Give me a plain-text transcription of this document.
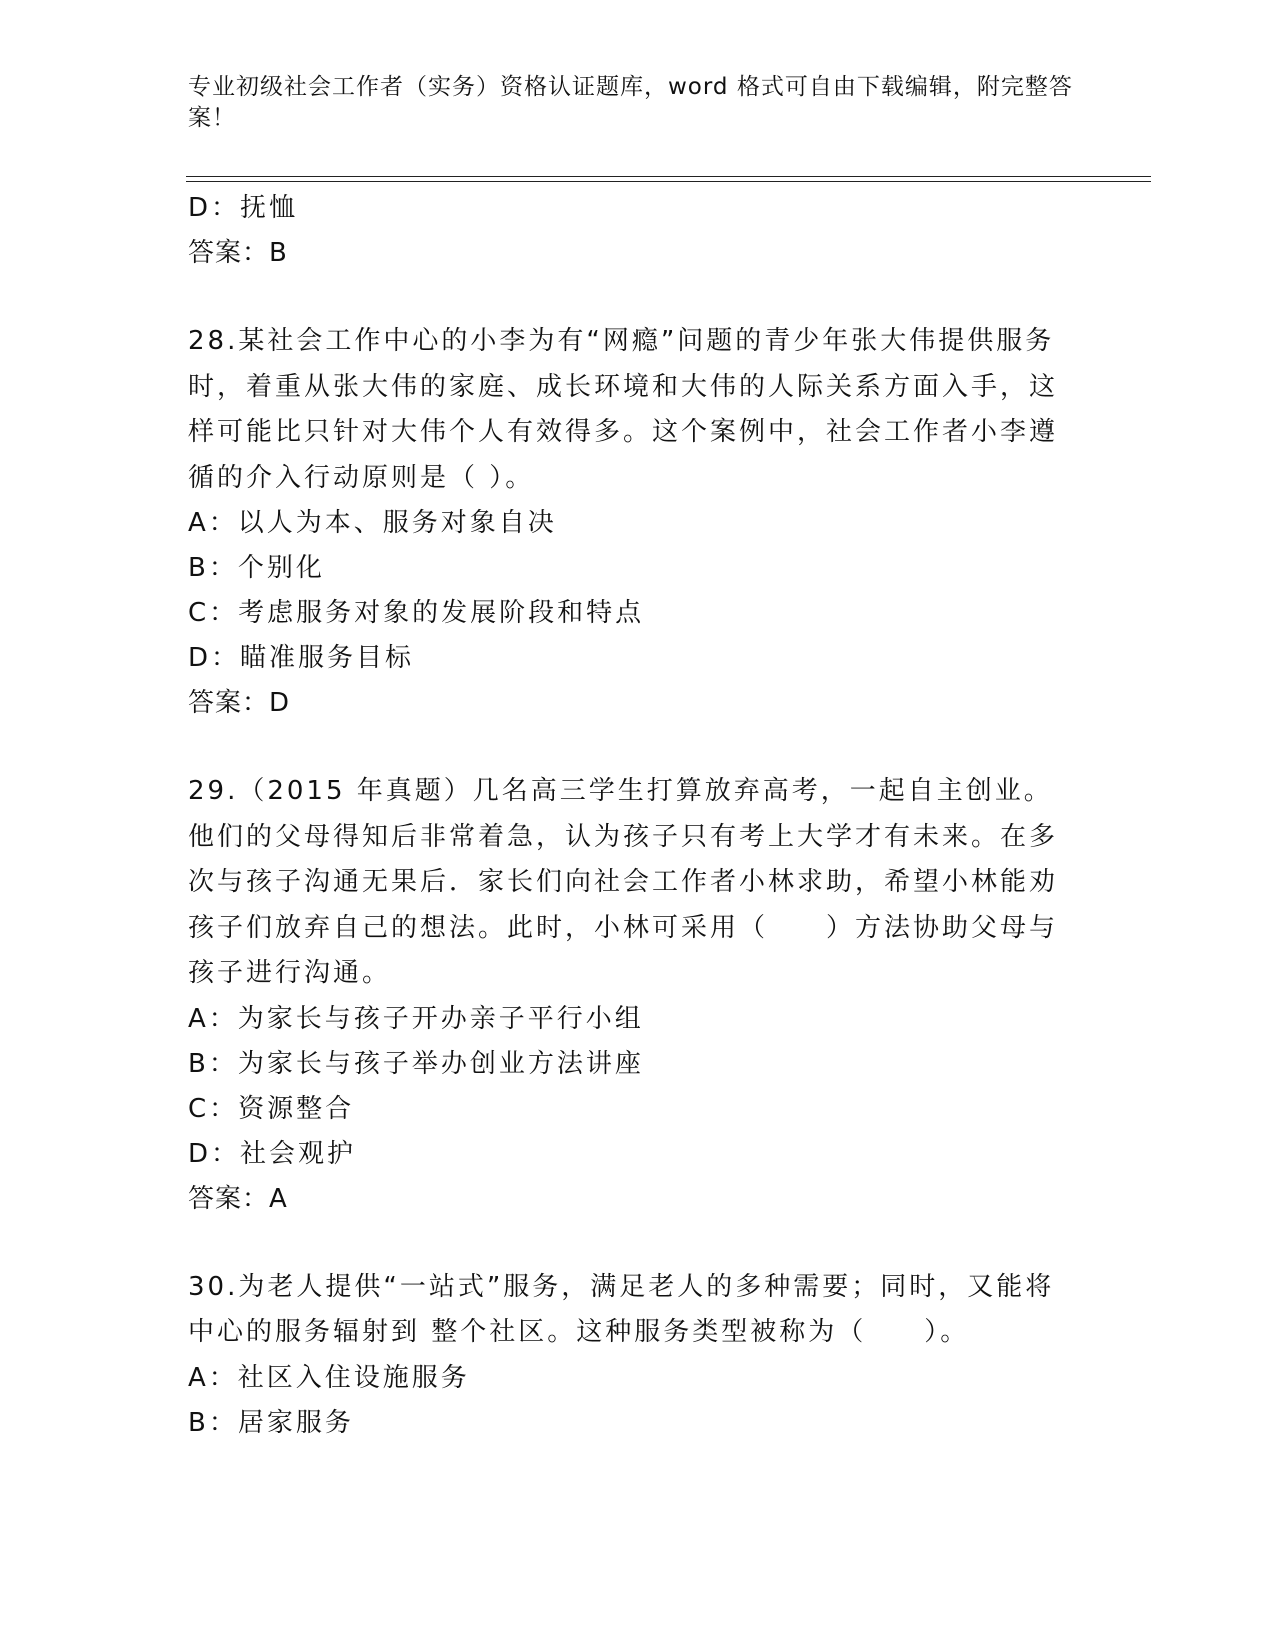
专业初级社会工作者（实务）资格认证题库，word 格式可自由下载编辑，附完整答案！

D：抚恤

答案：B

28.某社会工作中心的小李为有“网瘾”问题的青少年张大伟提供服务时，着重从张大伟的家庭、成长环境和大伟的人际关系方面入手，这样可能比只针对大伟个人有效得多。这个案例中，社会工作者小李遵循的介入行动原则是（ ）。

A：以人为本、服务对象自决

B：个别化

C：考虑服务对象的发展阶段和特点

D：瞄准服务目标

答案：D

29.（2015 年真题）几名高三学生打算放弃高考，一起自主创业。他们的父母得知后非常着急，认为孩子只有考上大学才有未来。在多次与孩子沟通无果后．家长们向社会工作者小林求助，希望小林能劝孩子们放弃自己的想法。此时，小林可采用（　　）方法协助父母与孩子进行沟通。

A：为家长与孩子开办亲子平行小组

B：为家长与孩子举办创业方法讲座

C：资源整合

D：社会观护

答案：A

30.为老人提供“一站式”服务，满足老人的多种需要；同时，又能将中心的服务辐射到 整个社区。这种服务类型被称为（　　）。

A：社区入住设施服务

B：居家服务
